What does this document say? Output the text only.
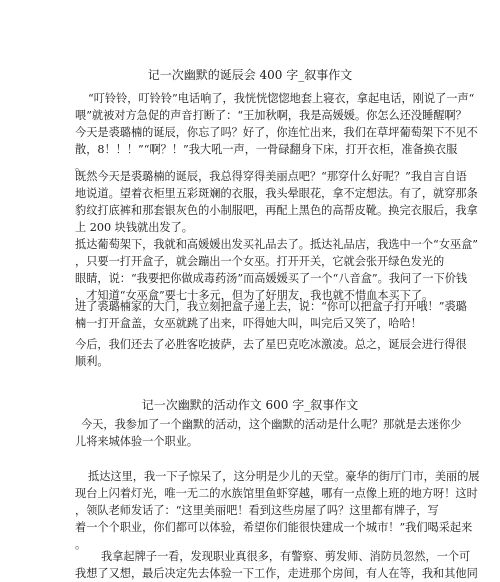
记一次幽默的诞辰会 400 字_叙事作文
“叮铃铃，叮铃铃”电话响了，我恍恍惚惚地套上寝衣，拿起电话，刚说了一声“
喂”就被对方急促的声音打断了：“王加秋啊，我是高媛媛。你怎么还没睡醒啊？
今天是裘璐楠的诞辰，你忘了吗？好了，你连忙出来，我们在草坪葡萄架下不见不
散，8！！！”“啊？！”我大吼一声，一骨碌翻身下床，打开衣柜，准备换衣服
。
既然今天是裘璐楠的诞辰，我总得穿得美丽点吧？“那穿什么好呢？”我自言自语
地说道。望着衣柜里五彩斑斓的衣服，我头晕眼花，拿不定想法。有了，就穿那条
豹纹打底裤和那套银灰色的小制服吧，再配上黑色的高帮皮靴。换完衣服后，我拿
上 200 块钱就出发了。
抵达葡萄架下，我就和高媛媛出发买礼品去了。抵达礼品店，我选中一个“女巫盒”
，只要一打开盒子，就会蹦出一个女巫。打开开关，它就会张开绿色发光的
眼睛，说：“我要把你做成毒药汤”而高媛媛买了一个“八音盒”。我问了一下价钱
，才知道“女巫盒”要七十多元，但为了好朋友，我也就不惜血本买下了。
进了裘璐楠家的大门，我立刻把盒子递上去，说：“你可以把盒子打开哦！”裘璐
楠一打开盒盖，女巫就跳了出来，吓得她大叫，叫完后又笑了，哈哈！
今后，我们还去了必胜客吃披萨，去了星巴克吃冰激凌。总之，诞辰会进行得很
顺利。
记一次幽默的活动作文 600 字_叙事作文
今天，我参加了一个幽默的活动，这个幽默的活动是什么呢？那就是去迷你少
儿将来城体验一个职业。
抵达这里，我一下子惊呆了，这分明是少儿的天堂。豪华的街厅门市，美丽的展
现台上闪着灯光，唯一无二的水族馆里鱼虾穿越，哪有一点像上班的地方呀！这时
，领队老师发话了：“这里美丽吧！看到这些房屋了吗？这里都有牌子，写
着一个个职业，你们都可以体验，希望你们能很快建成一个城市！”我们喝采起来
。
我拿起牌子一看，发现职业真很多，有警察、剪发师、消防员忽然，一个可
我想了又想，最后决定先去体验一下工作，走进那个房间，有人在等，我和其他同
